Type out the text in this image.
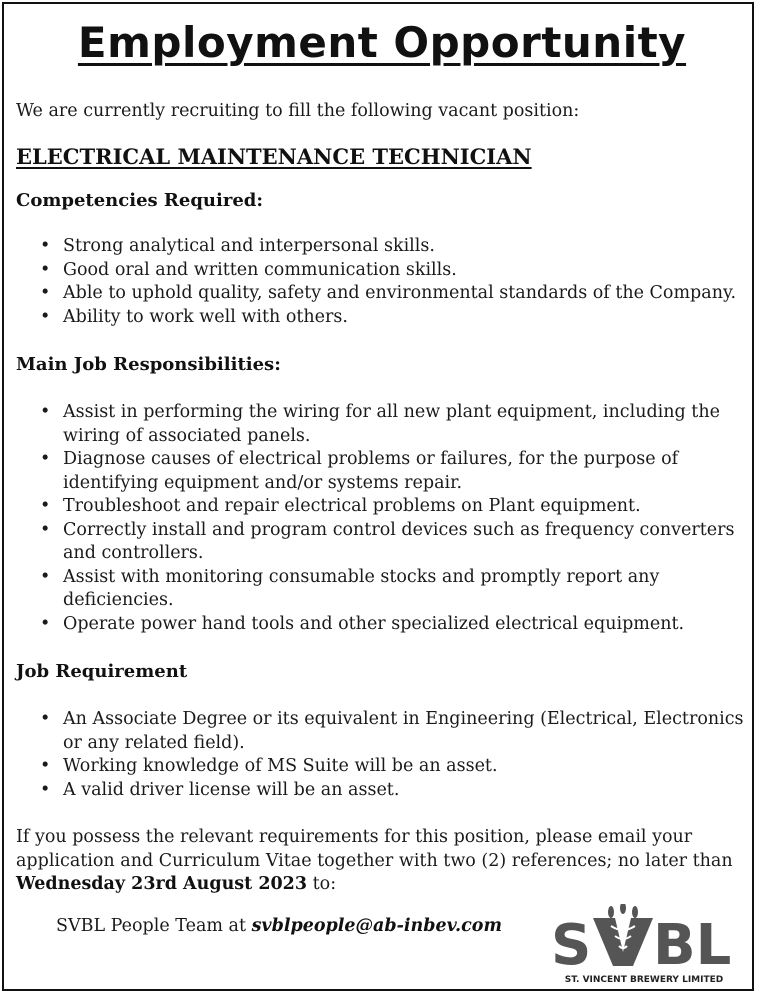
Employment Opportunity
We are currently recruiting to fill the following vacant position:
ELECTRICAL MAINTENANCE TECHNICIAN
Competencies Required:
• Strong analytical and interpersonal skills.
• Good oral and written communication skills.
• Able to uphold quality, safety and environmental standards of the Company.
• Ability to work well with others.
Main Job Responsibilities:
• Assist in performing the wiring for all new plant equipment, including the wiring of associated panels.
• Diagnose causes of electrical problems or failures, for the purpose of identifying equipment and/or systems repair.
• Troubleshoot and repair electrical problems on Plant equipment.
• Correctly install and program control devices such as frequency converters and controllers.
• Assist with monitoring consumable stocks and promptly report any deficiencies.
• Operate power hand tools and other specialized electrical equipment.
Job Requirement
• An Associate Degree or its equivalent in Engineering (Electrical, Electronics or any related field).
• Working knowledge of MS Suite will be an asset.
• A valid driver license will be an asset.
If you possess the relevant requirements for this position, please email your application and Curriculum Vitae together with two (2) references; no later than Wednesday 23rd August 2023 to:
SVBL People Team at svblpeople@ab-inbev.com S BL
ST. VINCENT BREWERY LIMITED
